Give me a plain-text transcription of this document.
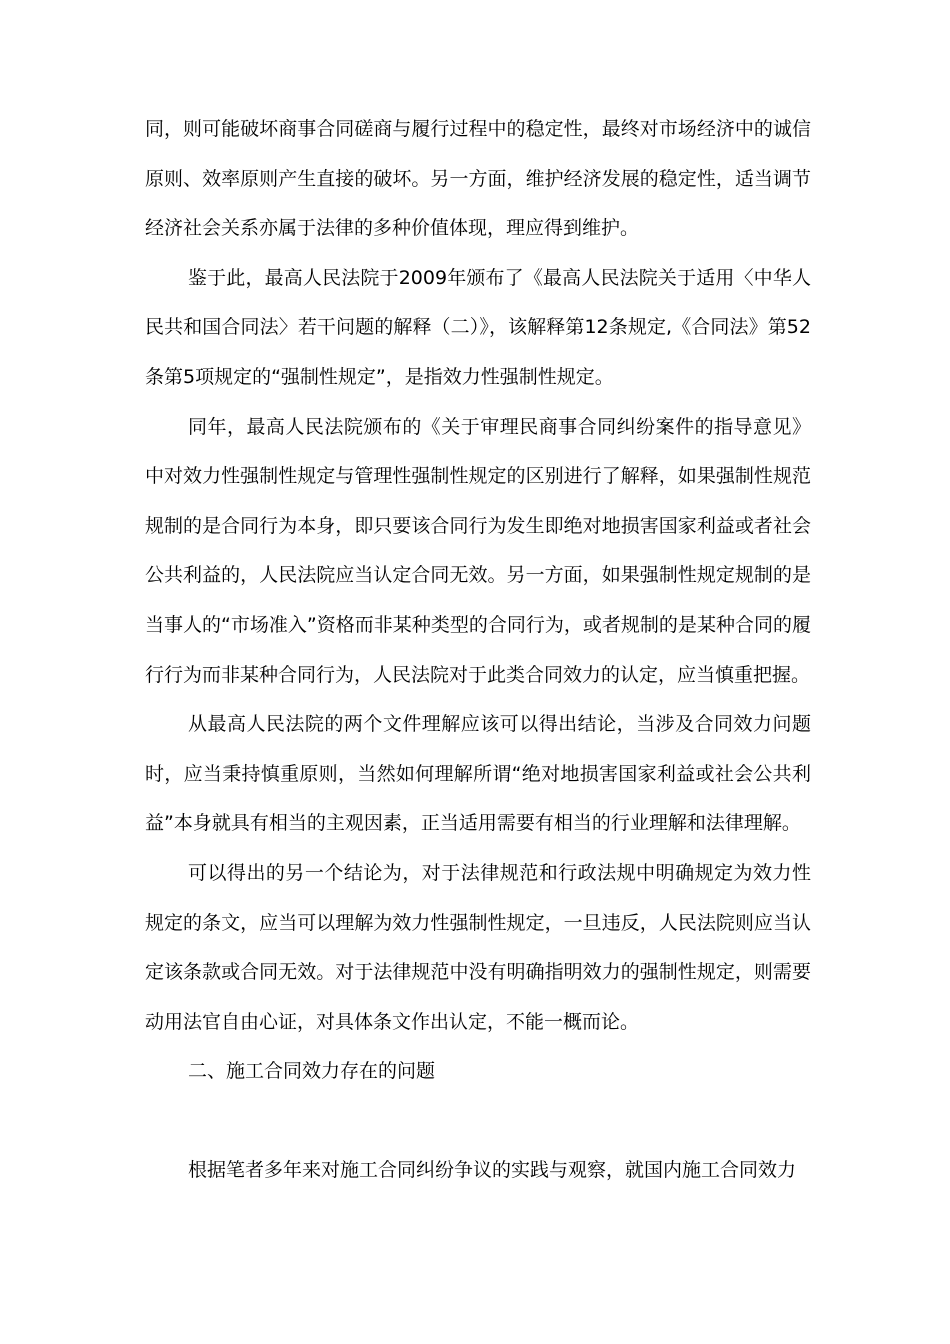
同，则可能破坏商事合同磋商与履行过程中的稳定性，最终对市场经济中的诚信原则、效率原则产生直接的破坏。另一方面，维护经济发展的稳定性，适当调节经济社会关系亦属于法律的多种价值体现，理应得到维护。

鉴于此，最高人民法院于2009年颁布了《最高人民法院关于适用〈中华人民共和国合同法〉若干问题的解释（二）》，该解释第12条规定,《合同法》第52条第5项规定的“强制性规定”，是指效力性强制性规定。

同年，最高人民法院颁布的《关于审理民商事合同纠纷案件的指导意见》中对效力性强制性规定与管理性强制性规定的区别进行了解释，如果强制性规范规制的是合同行为本身，即只要该合同行为发生即绝对地损害国家利益或者社会公共利益的，人民法院应当认定合同无效。另一方面，如果强制性规定规制的是当事人的“市场准入”资格而非某种类型的合同行为，或者规制的是某种合同的履行行为而非某种合同行为，人民法院对于此类合同效力的认定，应当慎重把握。

从最高人民法院的两个文件理解应该可以得出结论，当涉及合同效力问题时，应当秉持慎重原则，当然如何理解所谓“绝对地损害国家利益或社会公共利益”本身就具有相当的主观因素，正当适用需要有相当的行业理解和法律理解。

可以得出的另一个结论为，对于法律规范和行政法规中明确规定为效力性规定的条文，应当可以理解为效力性强制性规定，一旦违反，人民法院则应当认定该条款或合同无效。对于法律规范中没有明确指明效力的强制性规定，则需要动用法官自由心证，对具体条文作出认定，不能一概而论。

二、施工合同效力存在的问题

根据笔者多年来对施工合同纠纷争议的实践与观察，就国内施工合同效力
